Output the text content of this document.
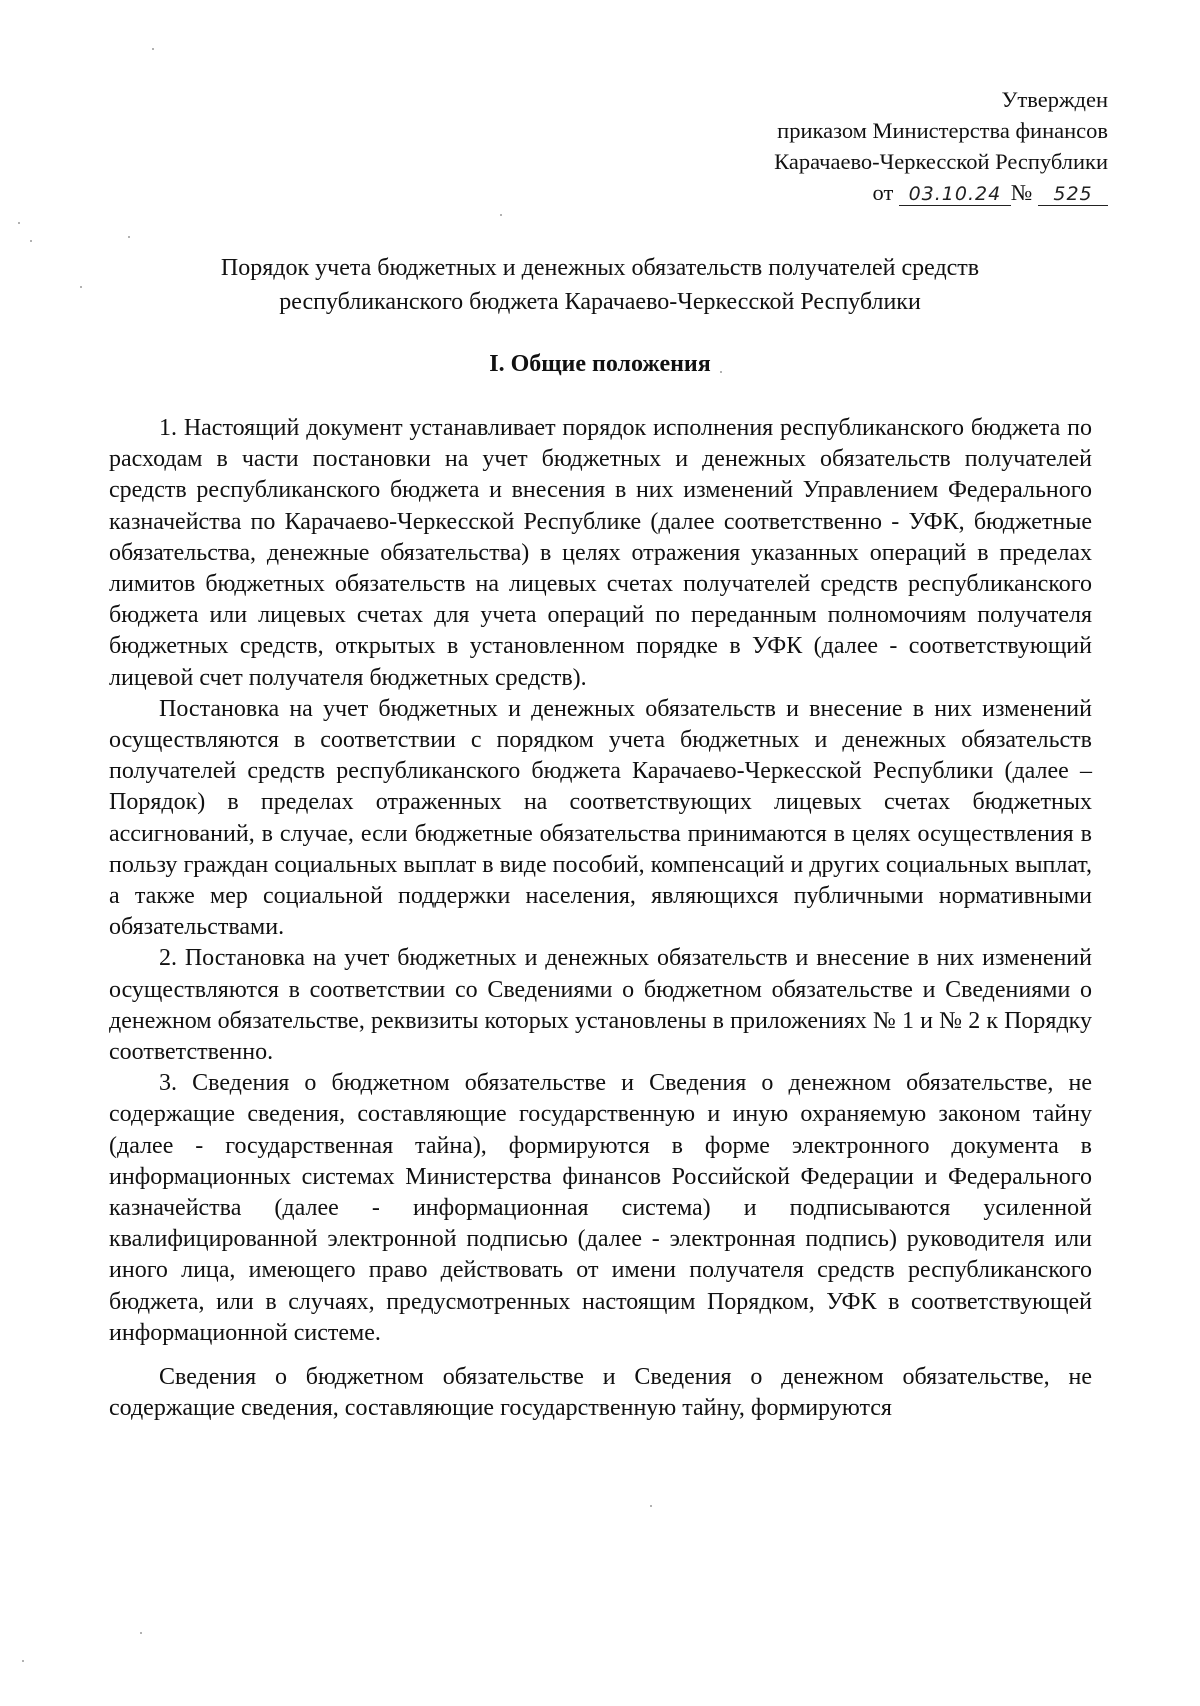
Утвержден
приказом Министерства финансов
Карачаево-Черкесской Республики
от 03.10.24 № 525
Порядок учета бюджетных и денежных обязательств получателей средств
республиканского бюджета Карачаево-Черкесской Республики
I. Общие положения

1. Настоящий документ устанавливает порядок исполнения республиканского бюджета по расходам в части постановки на учет бюджетных и денежных обязательств получателей средств республиканского бюджета и внесения в них изменений Управлением Федерального казначейства по Карачаево-Черкесской Республике (далее соответственно - УФК, бюджетные обязательства, денежные обязательства) в целях отражения указанных операций в пределах лимитов бюджетных обязательств на лицевых счетах получателей средств республиканского бюджета или лицевых счетах для учета операций по переданным полномочиям получателя бюджетных средств, открытых в установленном порядке в УФК (далее - соответствующий лицевой счет получателя бюджетных средств).

Постановка на учет бюджетных и денежных обязательств и внесение в них изменений осуществляются в соответствии с порядком учета бюджетных и денежных обязательств получателей средств республиканского бюджета Карачаево-Черкесской Республики (далее – Порядок) в пределах отраженных на соответствующих лицевых счетах бюджетных ассигнований, в случае, если бюджетные обязательства принимаются в целях осуществления в пользу граждан социальных выплат в виде пособий, компенсаций и других социальных выплат, а также мер социальной поддержки населения, являющихся публичными нормативными обязательствами.

2. Постановка на учет бюджетных и денежных обязательств и внесение в них изменений осуществляются в соответствии со Сведениями о бюджетном обязательстве и Сведениями о денежном обязательстве, реквизиты которых установлены в приложениях № 1 и № 2 к Порядку соответственно.

3. Сведения о бюджетном обязательстве и Сведения о денежном обязательстве, не содержащие сведения, составляющие государственную и иную охраняемую законом тайну (далее - государственная тайна), формируются в форме электронного документа в информационных системах Министерства финансов Российской Федерации и Федерального казначейства (далее - информационная система) и подписываются усиленной квалифицированной электронной подписью (далее - электронная подпись) руководителя или иного лица, имеющего право действовать от имени получателя средств республиканского бюджета, или в случаях, предусмотренных настоящим Порядком, УФК в соответствующей информационной системе.

Сведения о бюджетном обязательстве и Сведения о денежном обязательстве, не содержащие сведения, составляющие государственную тайну, формируются
